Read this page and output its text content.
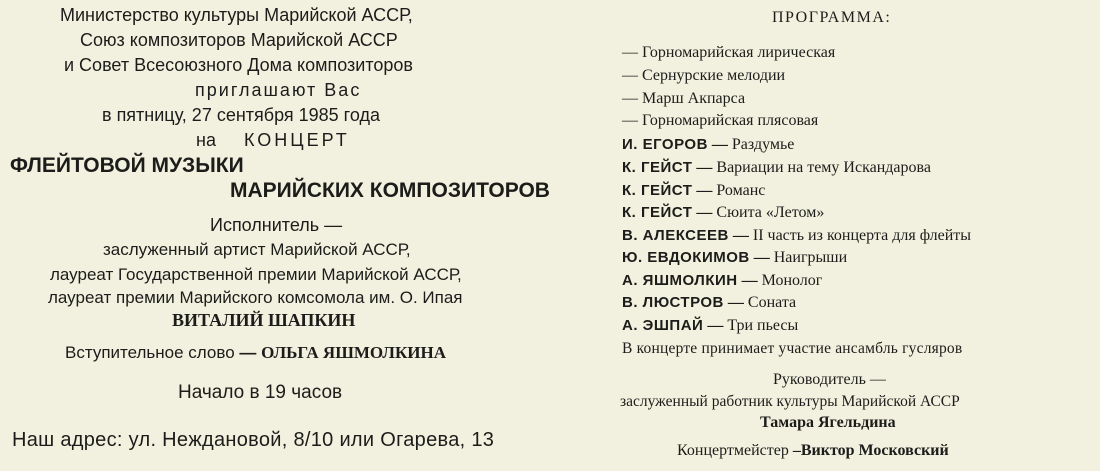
Министерство культуры Марийской АССР,
Союз композиторов Марийской АССР
и Совет Всесоюзного Дома композиторов
приглашают Вас
в пятницу, 27 сентября 1985 года
на КОНЦЕРТ
ФЛЕЙТОВОЙ МУЗЫКИ
МАРИЙСКИХ КОМПОЗИТОРОВ
Исполнитель —
заслуженный артист Марийской АССР,
лауреат Государственной премии Марийской АССР,
лауреат премии Марийского комсомола им. О. Ипая
ВИТАЛИЙ ШАПКИН
Вступительное слово — ОЛЬГА ЯШМОЛКИНА
Начало в 19 часов
Наш адрес: ул. Нeждановой, 8/10 или Огарева, 13
ПРОГРАММА:
— Горномарийская лирическая
— Сернурские мелодии
— Марш Акпарса
— Горномарийская плясовая
И. ЕГОРОВ — Раздумье
К. ГЕЙСТ — Вариации на тему Искандарова
К. ГЕЙСТ — Романс
К. ГЕЙСТ — Сюита «Летом»
В. АЛЕКСЕЕВ — II часть из концерта для флейты
Ю. ЕВДОКИМОВ — Наигрыши
А. ЯШМОЛКИН — Монолог
В. ЛЮСТРОВ — Соната
А. ЭШПАЙ — Три пьесы
В концерте принимает участие ансамбль гусляров
Руководитель —
заслуженный работник культуры Марийской АССР
Тамара Ягельдина
Концертмейстер –Виктор Московский
